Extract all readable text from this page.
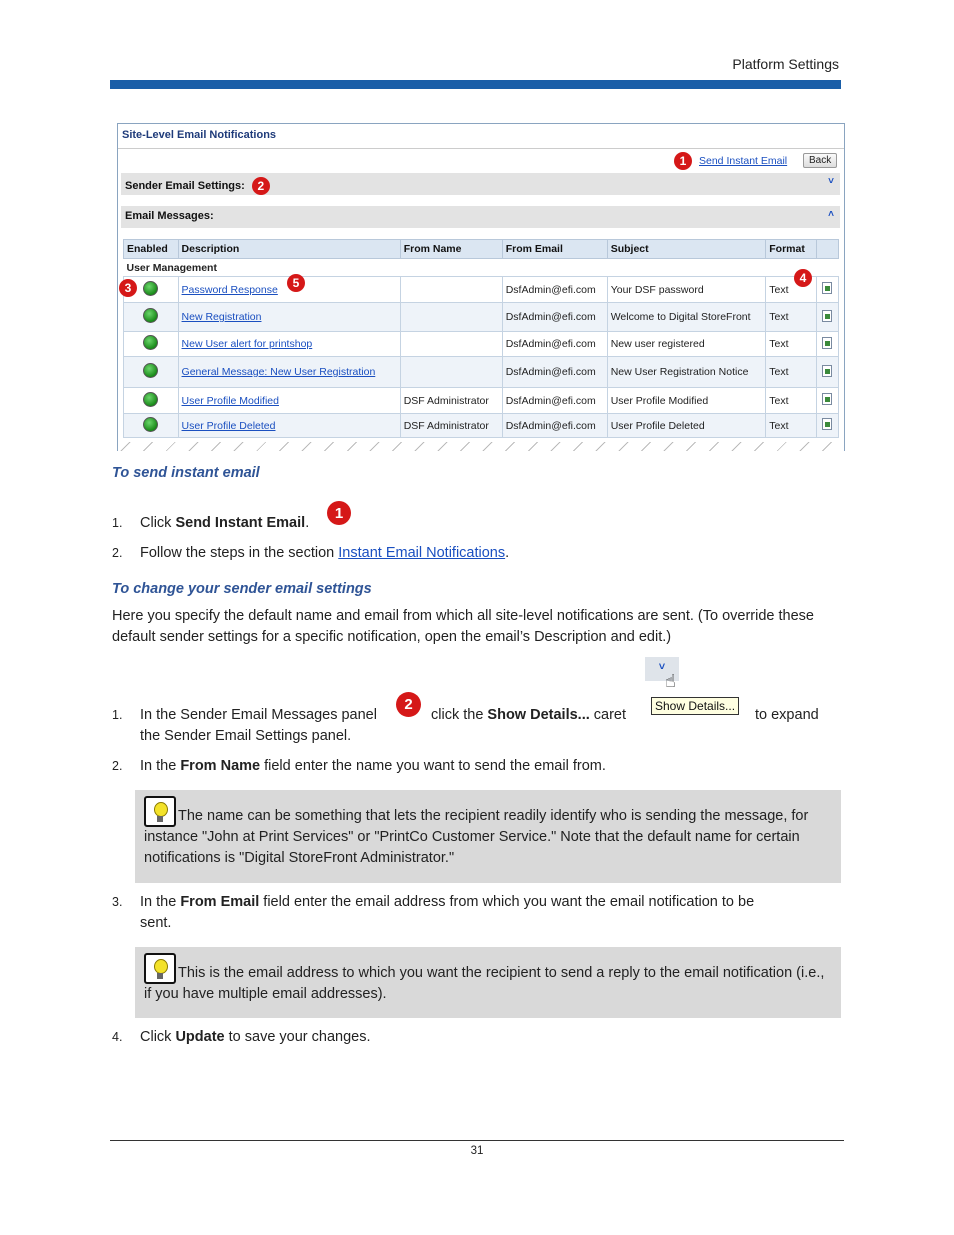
Platform Settings
Site-Level Email Notifications
1	Send Instant Email	Back
Sender Email Settings: 2	˅
Email Messages:	˄
Enabled	Description	From Name	From Email	Subject	Format	
User Management						
	Password Response		DsfAdmin@efi.com	Your DSF password	Text	
	New Registration		DsfAdmin@efi.com	Welcome to Digital StoreFront	Text	
	New User alert for printshop		DsfAdmin@efi.com	New user registered	Text	
	General Message: New User Registration		DsfAdmin@efi.com	New User Registration Notice	Text	
	User Profile Modified	DSF Administrator	DsfAdmin@efi.com	User Profile Modified	Text	
	User Profile Deleted	DSF Administrator	DsfAdmin@efi.com	User Profile Deleted	Text	
3
4
5
To send instant email
1. Click Send Instant Email.
1
2. Follow the steps in the section Instant Email Notifications.
To change your sender email settings
Here you specify the default name and email from which all site-level notifications are sent. (To override these default sender settings for a specific notification, open the email’s Description and edit.)
1. In the Sender Email Messages panel
2
click the Show Details... caret
˅
☝
Show Details...
to expand
the Sender Email Settings panel.
2. In the From Name field enter the name you want to send the email from.
The name can be something that lets the recipient readily identify who is sending the message, for instance "John at Print Services" or "PrintCo Customer Service." Note that the default name for certain notifications is "Digital StoreFront Administrator."
3. In the From Email field enter the email address from which you want the email notification to be
sent.
This is the email address to which you want the recipient to send a reply to the email notification (i.e., if you have multiple email addresses).
4. Click Update to save your changes.
31
